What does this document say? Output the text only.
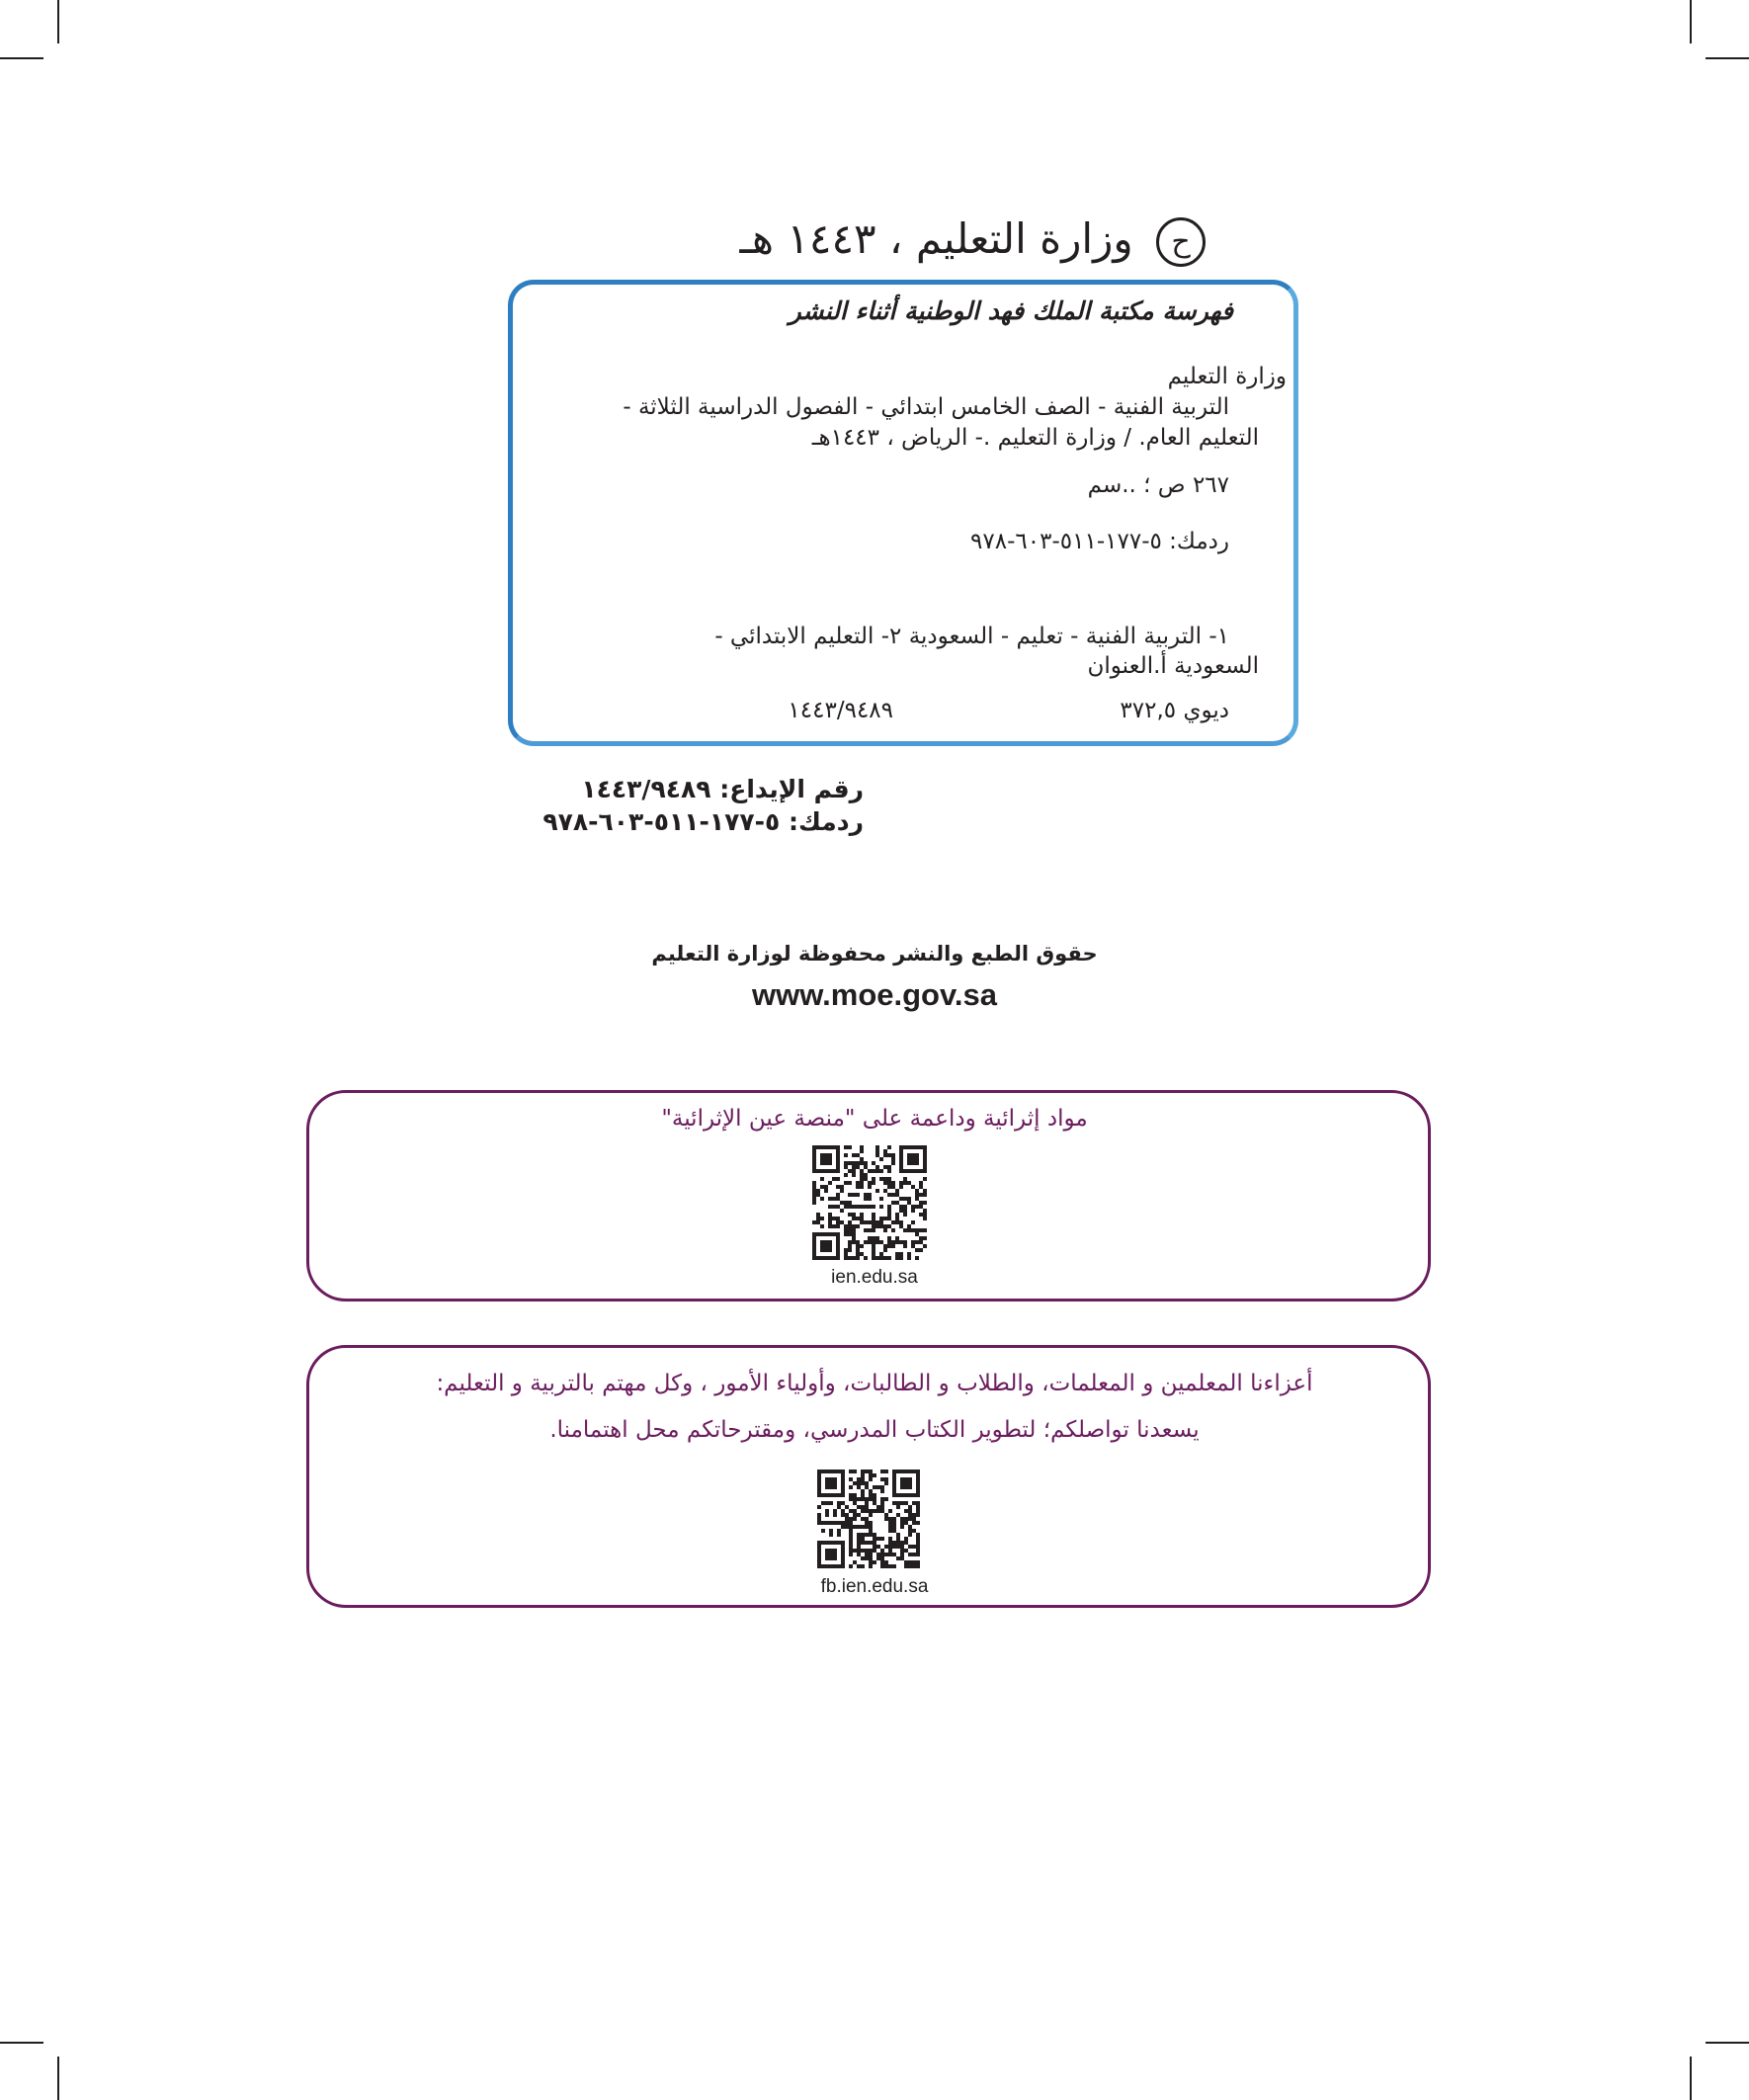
ح وزارة التعليم ، ١٤٤٣ هـ
فهرسة مكتبة الملك فهد الوطنية أثناء النشر
وزارة التعليم
التربية الفنية - الصف الخامس ابتدائي - الفصول الدراسية الثلاثة -
التعليم العام. / وزارة التعليم .- الرياض ، ١٤٤٣هـ
٢٦٧ ص ؛ ..سم
ردمك: ٥-١٧٧-٥١١-٦٠٣-٩٧٨
١- التربية الفنية - تعليم - السعودية ٢- التعليم الابتدائي -
السعودية أ.العنوان
ديوي ٣٧٢,٥
١٤٤٣/٩٤٨٩
رقم الإيداع: ١٤٤٣/٩٤٨٩
ردمك: ٥-١٧٧-٥١١-٦٠٣-٩٧٨
حقوق الطبع والنشر محفوظة لوزارة التعليم
www.moe.gov.sa
مواد إثرائية وداعمة على "منصة عين الإثرائية"
ien.edu.sa
أعزاءنا المعلمين و المعلمات، والطلاب و الطالبات، وأولياء الأمور ، وكل مهتم بالتربية و التعليم:
يسعدنا تواصلكم؛ لتطوير الكتاب المدرسي، ومقترحاتكم محل اهتمامنا.
fb.ien.edu.sa
